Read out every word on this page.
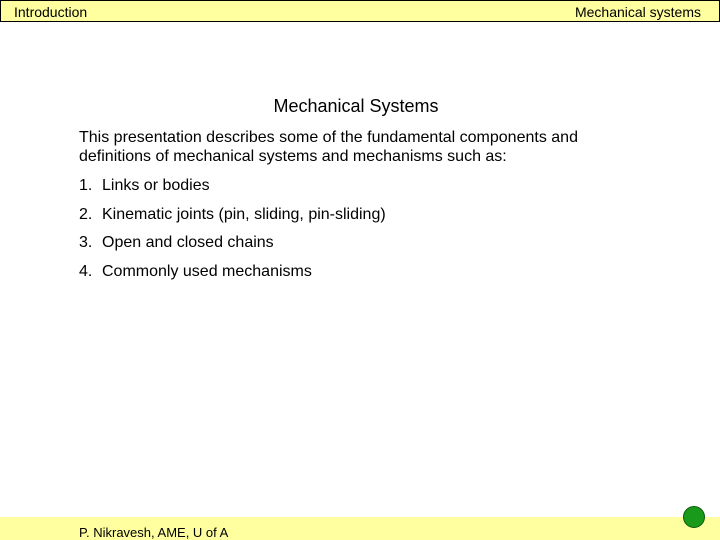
Introduction	Mechanical systems
Mechanical Systems
This presentation describes some of the fundamental components and definitions of mechanical systems and mechanisms such as:
1. Links or bodies
2. Kinematic joints (pin, sliding, pin-sliding)
3. Open and closed chains
4. Commonly used mechanisms
P. Nikravesh, AME, U of A
